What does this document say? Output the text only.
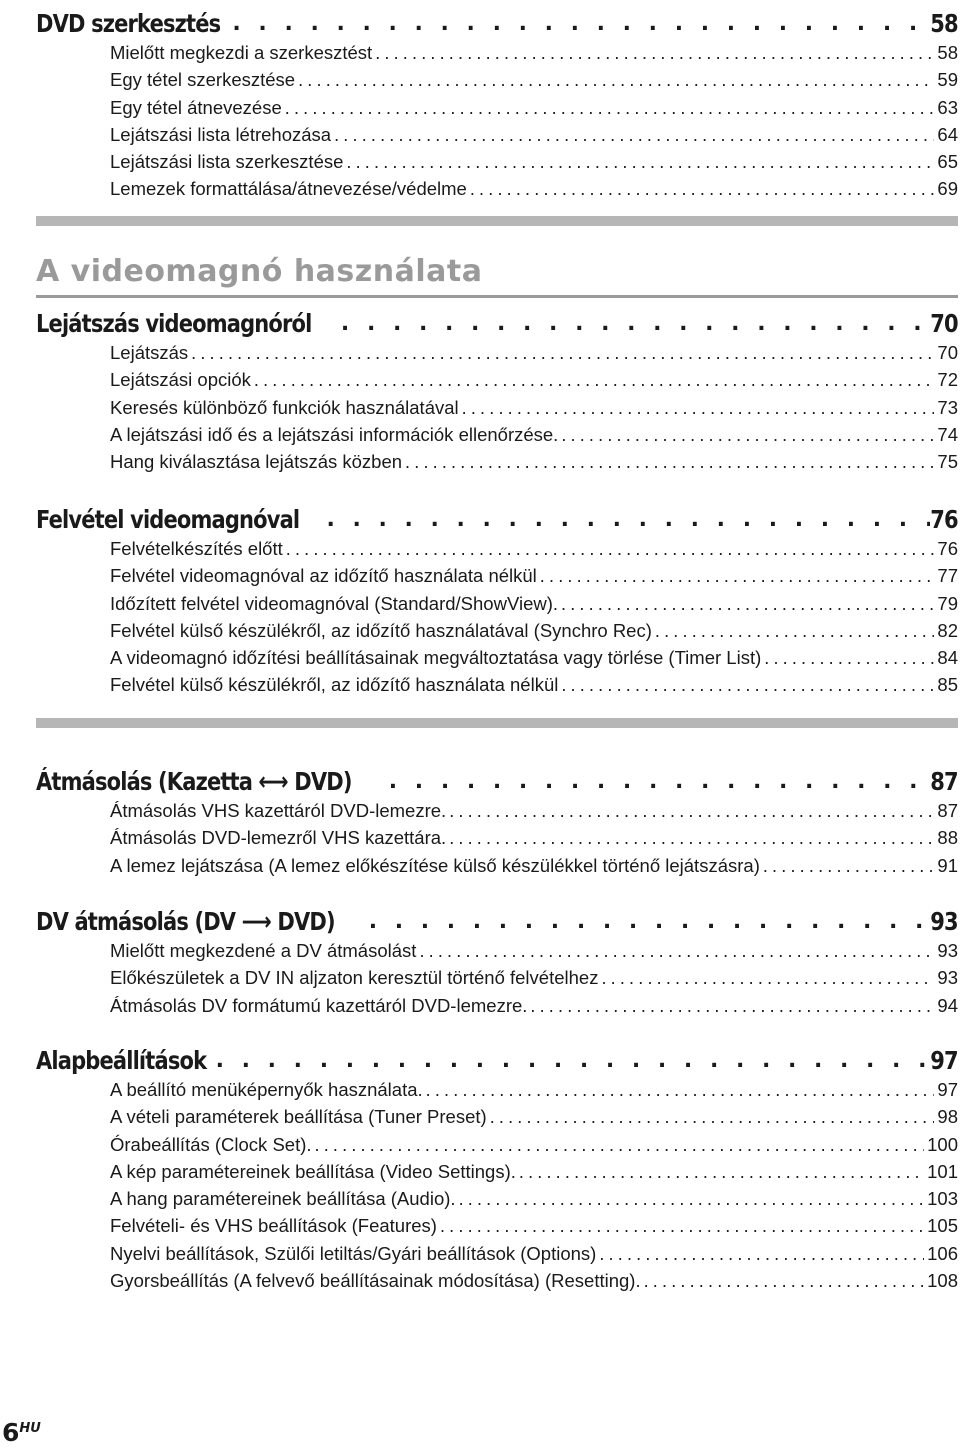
DVD szerkesztés . . .	58
Mielőtt megkezdi a szerkesztést .....	58
Egy tétel szerkesztése .....	59
Egy tétel átnevezése .....	63
Lejátszási lista létrehozása .....	64
Lejátszási lista szerkesztése .....	65
Lemezek formattálása/átnevezése/védelme .....	69
A videomagnó használata
Lejátszás videomagnóról . . .	70
Lejátszás .....	70
Lejátszási opciók .....	72
Keresés különböző funkciók használatával .....	73
A lejátszási idő és a lejátszási információk ellenőrzése. .....	74
Hang kiválasztása lejátszás közben .....	75
Felvétel videomagnóval . . .	76
Felvételkészítés előtt .....	76
Felvétel videomagnóval az időzítő használata nélkül .....	77
Időzített felvétel videomagnóval (Standard/ShowView). .....	79
Felvétel külső készülékről, az időzítő használatával (Synchro Rec) .....	82
A videomagnó időzítési beállításainak megváltoztatása vagy törlése (Timer List) .....	84
Felvétel külső készülékről, az időzítő használata nélkül .....	85
Átmásolás (Kazetta ⟷ DVD) . . .	87
Átmásolás VHS kazettáról DVD-lemezre. .....	87
Átmásolás DVD-lemezről VHS kazettára. .....	88
A lemez lejátszása (A lemez előkészítése külső készülékkel történő lejátszásra) .....	91
DV átmásolás (DV ⟶ DVD) . . .	93
Mielőtt megkezdené a DV átmásolást .....	93
Előkészületek a DV IN aljzaton keresztül történő felvételhez .....	93
Átmásolás DV formátumú kazettáról DVD-lemezre. .....	94
Alapbeállítások . . .	97
A beállító menüképernyők használata. .....	97
A vételi paraméterek beállítása (Tuner Preset) .....	98
Órabeállítás (Clock Set). .....	100
A kép paramétereinek beállítása (Video Settings). .....	101
A hang paramétereinek beállítása (Audio). .....	103
Felvételi- és VHS beállítások (Features) .....	105
Nyelvi beállítások, Szülői letiltás/Gyári beállítások (Options) .....	106
Gyorsbeállítás (A felvevő beállításainak módosítása) (Resetting). .....	108
$6^{HU}$
